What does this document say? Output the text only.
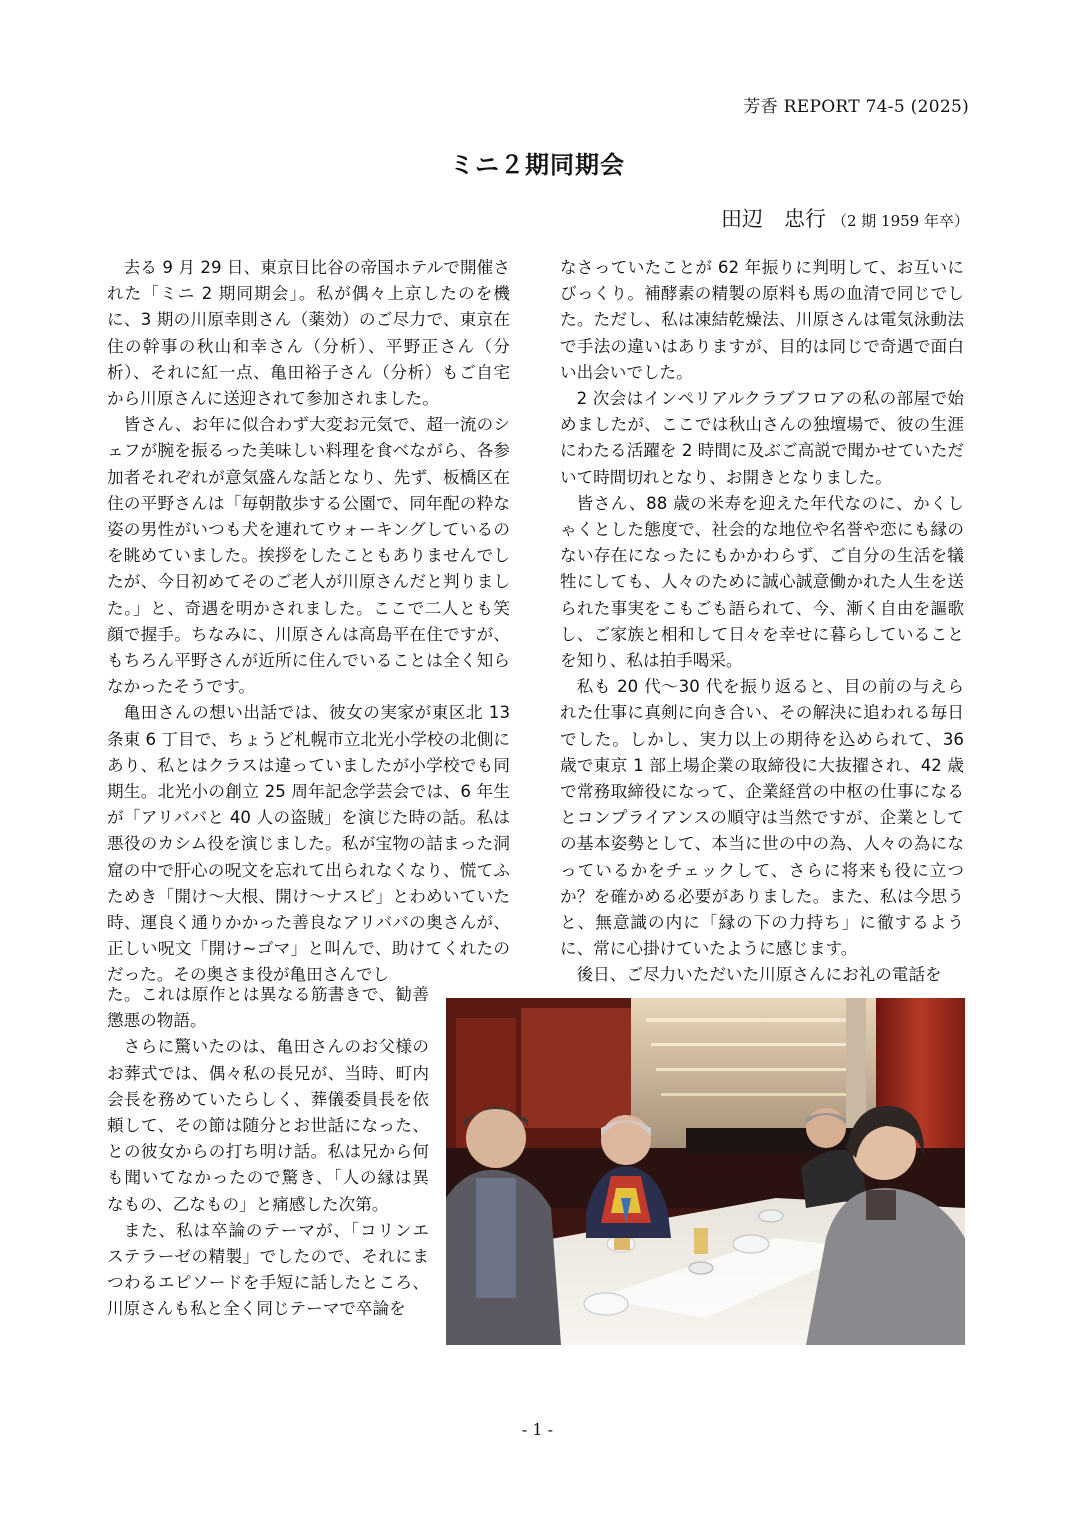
芳香 REPORT 74-5 (2025)
ミニ２期同期会
田辺　忠行 （2 期 1959 年卒）

去る 9 月 29 日、東京日比谷の帝国ホテルで開催された「ミニ 2 期同期会」。私が偶々上京したのを機に、3 期の川原幸則さん（薬効）のご尽力で、東京在住の幹事の秋山和幸さん（分析）、平野正さん（分析）、それに紅一点、亀田裕子さん（分析）もご自宅から川原さんに送迎されて参加されました。

皆さん、お年に似合わず大変お元気で、超一流のシェフが腕を振るった美味しい料理を食べながら、各参加者それぞれが意気盛んな話となり、先ず、板橋区在住の平野さんは「毎朝散歩する公園で、同年配の粋な姿の男性がいつも犬を連れてウォーキングしているのを眺めていました。挨拶をしたこともありませんでしたが、今日初めてそのご老人が川原さんだと判りました。」と、奇遇を明かされました。ここで二人とも笑顔で握手。ちなみに、川原さんは高島平在住ですが、もちろん平野さんが近所に住んでいることは全く知らなかったそうです。

亀田さんの想い出話では、彼女の実家が東区北 13 条東 6 丁目で、ちょうど札幌市立北光小学校の北側にあり、私とはクラスは違っていましたが小学校でも同期生。北光小の創立 25 周年記念学芸会では、6 年生が「アリババと 40 人の盗賊」を演じた時の話。私は悪役のカシム役を演じました。私が宝物の詰まった洞窟の中で肝心の呪文を忘れて出られなくなり、慌てふためき「開け～大根、開け～ナスビ」とわめいていた時、運良く通りかかった善良なアリババの奥さんが、正しい呪文「開け~ゴマ」と叫んで、助けてくれたのだった。その奥さま役が亀田さんでし

た。これは原作とは異なる筋書きで、勧善懲悪の物語。

さらに驚いたのは、亀田さんのお父様のお葬式では、偶々私の長兄が、当時、町内会長を務めていたらしく、葬儀委員長を依頼して、その節は随分とお世話になった、との彼女からの打ち明け話。私は兄から何も聞いてなかったので驚き、「人の縁は異なもの、乙なもの」と痛感した次第。

また、私は卒論のテーマが、「コリンエステラーゼの精製」でしたので、それにまつわるエピソードを手短に話したところ、川原さんも私と全く同じテーマで卒論を

なさっていたことが 62 年振りに判明して、お互いにびっくり。補酵素の精製の原料も馬の血清で同じでした。ただし、私は凍結乾燥法、川原さんは電気泳動法で手法の違いはありますが、目的は同じで奇遇で面白い出会いでした。

2 次会はインペリアルクラブフロアの私の部屋で始めましたが、ここでは秋山さんの独壇場で、彼の生涯にわたる活躍を 2 時間に及ぶご高説で聞かせていただいて時間切れとなり、お開きとなりました。

皆さん、88 歳の米寿を迎えた年代なのに、かくしゃくとした態度で、社会的な地位や名誉や恋にも縁のない存在になったにもかかわらず、ご自分の生活を犠牲にしても、人々のために誠心誠意働かれた人生を送られた事実をこもごも語られて、今、漸く自由を謳歌し、ご家族と相和して日々を幸せに暮らしていることを知り、私は拍手喝采。

私も 20 代～30 代を振り返ると、目の前の与えられた仕事に真剣に向き合い、その解決に追われる毎日でした。しかし、実力以上の期待を込められて、36 歳で東京 1 部上場企業の取締役に大抜擢され、42 歳で常務取締役になって、企業経営の中枢の仕事になるとコンプライアンスの順守は当然ですが、企業としての基本姿勢として、本当に世の中の為、人々の為になっているかをチェックして、さらに将来も役に立つか？を確かめる必要がありました。また、私は今思うと、無意識の内に「縁の下の力持ち」に徹するように、常に心掛けていたように感じます。

後日、ご尽力いただいた川原さんにお礼の電話を

- 1 -
